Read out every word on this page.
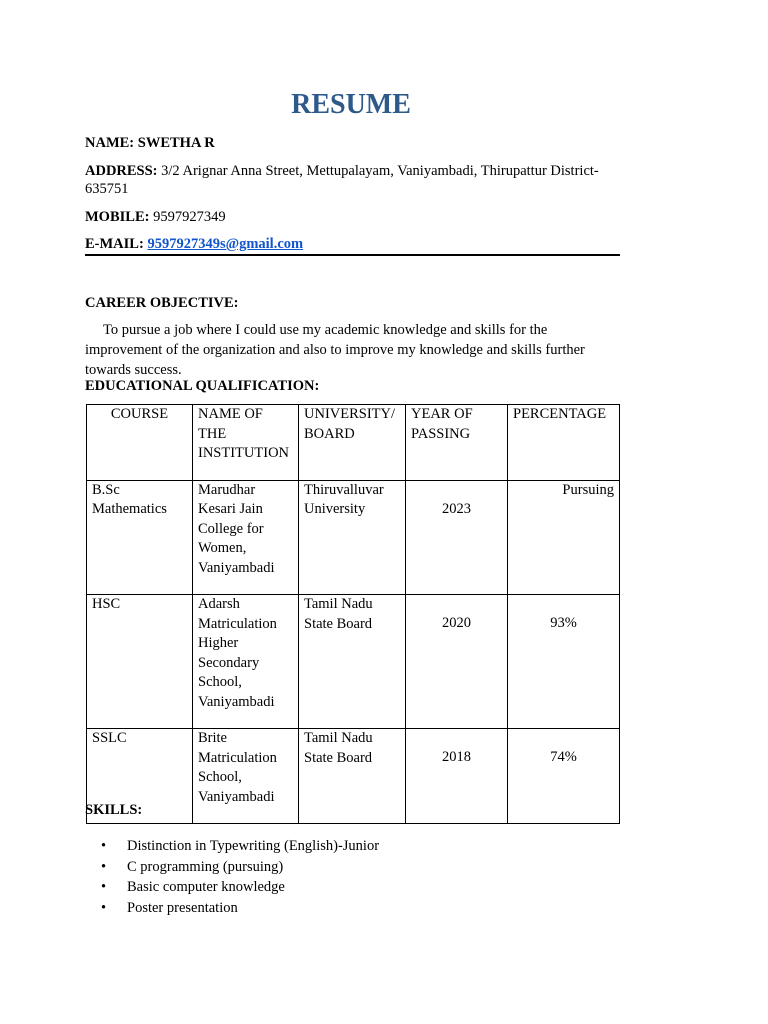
RESUME
NAME: SWETHA R
ADDRESS: 3/2 Arignar Anna Street, Mettupalayam, Vaniyambadi, Thirupattur District-
635751
MOBILE: 9597927349
E-MAIL: 9597927349s@gmail.com
CAREER OBJECTIVE:
To pursue a job where I could use my academic knowledge and skills for the improvement of the organization and also to improve my knowledge and skills further towards success.
EDUCATIONAL QUALIFICATION:
COURSE	NAME OF THE INSTITUTION	UNIVERSITY/ BOARD	YEAR OF PASSING	PERCENTAGE
B.Sc Mathematics	Marudhar Kesari Jain College for Women, Vaniyambadi	Thiruvalluvar University	2023	Pursuing
HSC	Adarsh Matriculation Higher Secondary School, Vaniyambadi	Tamil Nadu State Board	2020	93%
SSLC	Brite Matriculation School, Vaniyambadi	Tamil Nadu State Board	2018	74%
SKILLS:
• Distinction in Typewriting (English)-Junior
• C programming (pursuing)
• Basic computer knowledge
• Poster presentation
